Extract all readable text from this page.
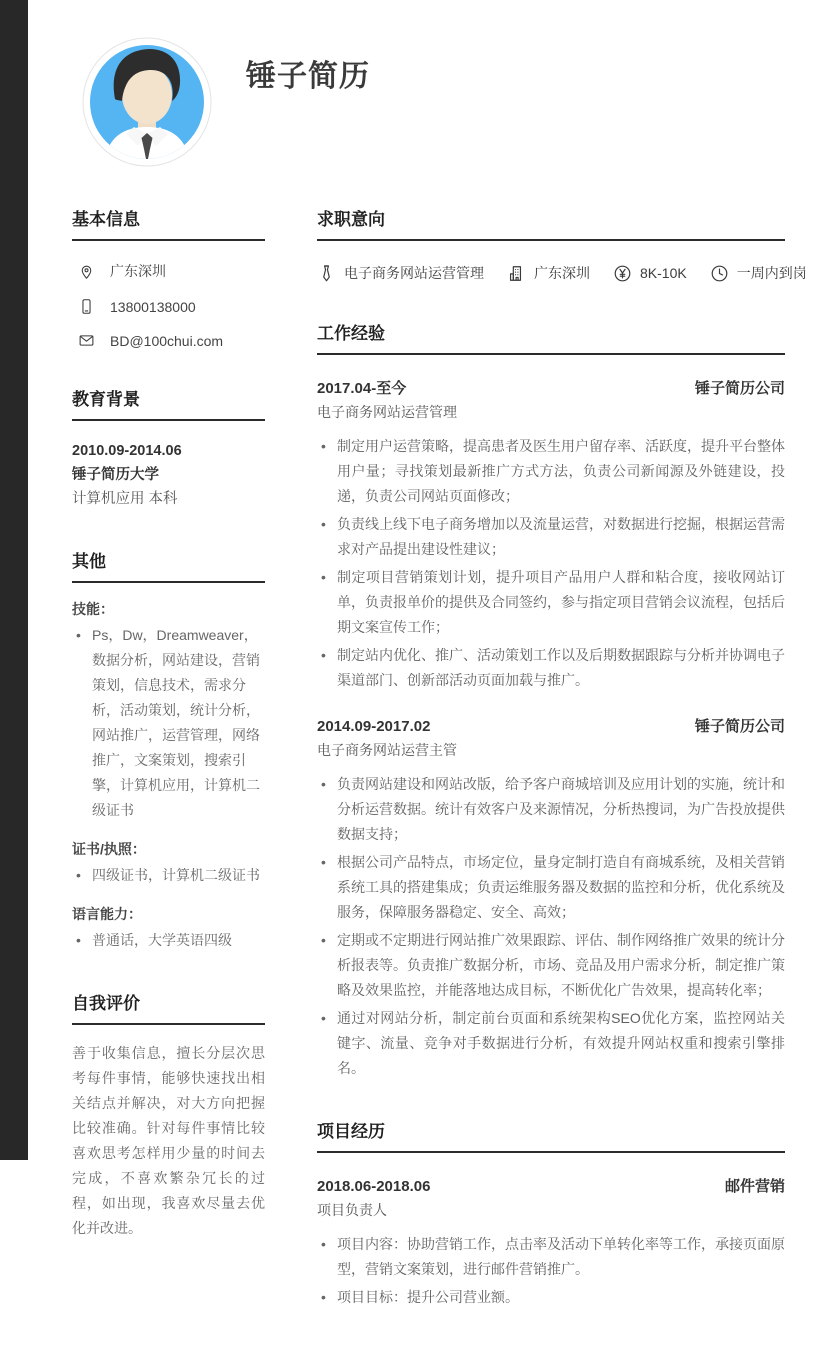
锤子简历
基本信息
广东深圳
13800138000
BD@100chui.com
教育背景
2010.09-2014.06
锤子简历大学
计算机应用 本科
其他
技能：
• Ps，Dw，Dreamweaver，数据分析，网站建设，营销策划，信息技术，需求分析，活动策划，统计分析，网站推广，运营管理，网络推广，文案策划，搜索引擎，计算机应用，计算机二级证书
证书/执照：
• 四级证书，计算机二级证书
语言能力：
• 普通话，大学英语四级
自我评价

善于收集信息，擅长分层次思考每件事情，能够快速找出相关结点并解决，对大方向把握比较准确。针对每件事情比较喜欢思考怎样用少量的时间去完成，不喜欢繁杂冗长的过程，如出现，我喜欢尽量去优化并改进。

求职意向
电子商务网站运营管理	广东深圳	8K-10K	一周内到岗
工作经验
2017.04-至今	锤子简历公司
电子商务网站运营管理
• 制定用户运营策略，提高患者及医生用户留存率、活跃度，提升平台整体用户量；寻找策划最新推广方式方法，负责公司新闻源及外链建设，投递，负责公司网站页面修改；
• 负责线上线下电子商务增加以及流量运营，对数据进行挖掘，根据运营需求对产品提出建设性建议；
• 制定项目营销策划计划，提升项目产品用户人群和粘合度，接收网站订单，负责报单价的提供及合同签约，参与指定项目营销会议流程，包括后期文案宣传工作；
• 制定站内优化、推广、活动策划工作以及后期数据跟踪与分析并协调电子渠道部门、创新部活动页面加载与推广。
2014.09-2017.02	锤子简历公司
电子商务网站运营主管
• 负责网站建设和网站改版，给予客户商城培训及应用计划的实施，统计和分析运营数据。统计有效客户及来源情况，分析热搜词，为广告投放提供数据支持；
• 根据公司产品特点，市场定位，量身定制打造自有商城系统，及相关营销系统工具的搭建集成；负责运维服务器及数据的监控和分析，优化系统及服务，保障服务器稳定、安全、高效；
• 定期或不定期进行网站推广效果跟踪、评估、制作网络推广效果的统计分析报表等。负责推广数据分析，市场、竞品及用户需求分析，制定推广策略及效果监控，并能落地达成目标，不断优化广告效果，提高转化率；
• 通过对网站分析，制定前台页面和系统架构SEO优化方案，监控网站关键字、流量、竞争对手数据进行分析，有效提升网站权重和搜索引擎排名。
项目经历
2018.06-2018.06	邮件营销
项目负责人
• 项目内容：协助营销工作，点击率及活动下单转化率等工作，承接页面原型，营销文案策划，进行邮件营销推广。
• 项目目标：提升公司营业额。
